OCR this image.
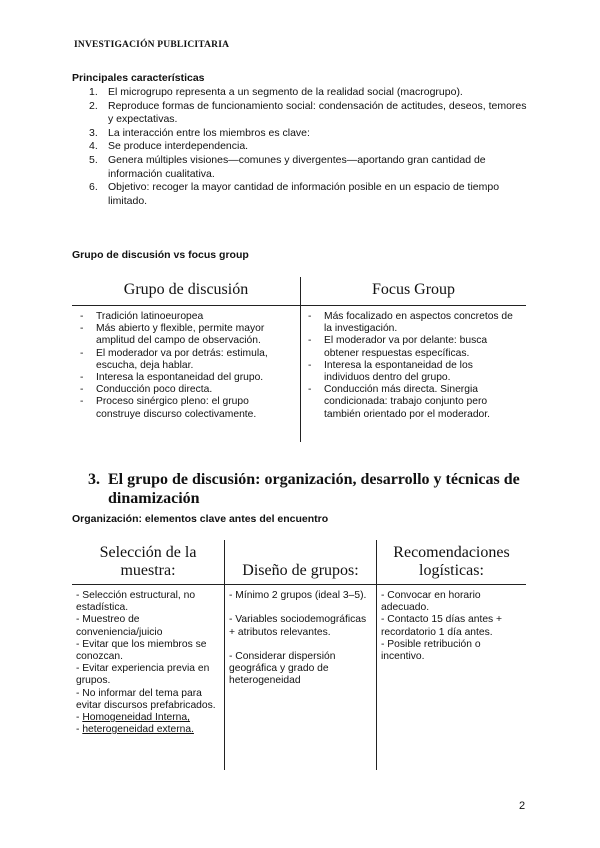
INVESTIGACIÓN PUBLICITARIA
Principales características
1. El microgrupo representa a un segmento de la realidad social (macrogrupo).
2. Reproduce formas de funcionamiento social: condensación de actitudes, deseos, temores y expectativas.
3. La interacción entre los miembros es clave:
4. Se produce interdependencia.
5. Genera múltiples visiones—comunes y divergentes—aportando gran cantidad de información cualitativa.
6. Objetivo: recoger la mayor cantidad de información posible en un espacio de tiempo limitado.
Grupo de discusión vs focus group
Grupo de discusión	Focus Group
- Tradición latinoeuropea
- Más abierto y flexible, permite mayor amplitud del campo de observación.
- El moderador va por detrás: estimula, escucha, deja hablar.
- Interesa la espontaneidad del grupo.
- Conducción poco directa.
- Proceso sinérgico pleno: el grupo construye discurso colectivamente.
- Más focalizado en aspectos concretos de la investigación.
- El moderador va por delante: busca obtener respuestas específicas.
- Interesa la espontaneidad de los individuos dentro del grupo.
- Conducción más directa. Sinergia condicionada: trabajo conjunto pero también orientado por el moderador.
3. El grupo de discusión: organización, desarrollo y técnicas de dinamización
Organización: elementos clave antes del encuentro
Selección de la muestra:	Diseño de grupos:
Recomendaciones logísticas:
- Selección estructural, no estadística.
- Muestreo de conveniencia/juicio
- Evitar que los miembros se conozcan.
- Evitar experiencia previa en grupos.
- No informar del tema para evitar discursos prefabricados.
- Homogeneidad Interna,
- heterogeneidad externa.
- Mínimo 2 grupos (ideal 3–5).
- Variables sociodemográficas + atributos relevantes.
- Considerar dispersión geográfica y grado de heterogeneidad
- Convocar en horario adecuado.
- Contacto 15 días antes + recordatorio 1 día antes.
- Posible retribución o incentivo.
2
